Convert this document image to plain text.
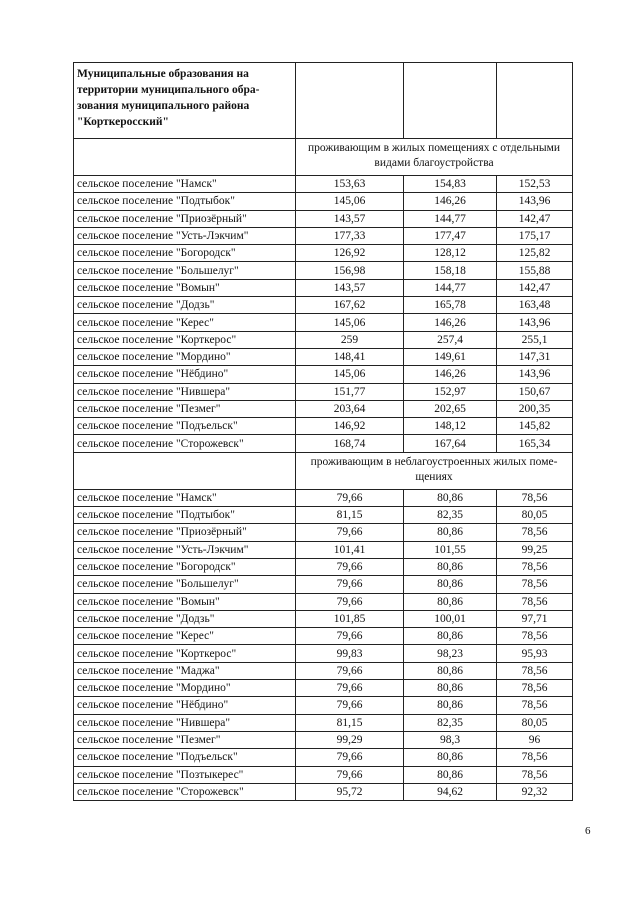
Муниципальные образования на территории муниципального обра-зования муниципального района "Корткеросский"			
	проживающим в жилых помещениях с отдельными видами благоустройства		
сельское поселение "Намск"	153,63	154,83	152,53
сельское поселение "Подтыбок"	145,06	146,26	143,96
сельское поселение "Приозёрный"	143,57	144,77	142,47
сельское поселение "Усть-Лэкчим"	177,33	177,47	175,17
сельское поселение "Богородск"	126,92	128,12	125,82
сельское поселение "Большелуг"	156,98	158,18	155,88
сельское поселение "Вомын"	143,57	144,77	142,47
сельское поселение "Додзь"	167,62	165,78	163,48
сельское поселение "Керес"	145,06	146,26	143,96
сельское поселение "Корткерос"	259	257,4	255,1
сельское поселение "Мордино"	148,41	149,61	147,31
сельское поселение "Нёбдино"	145,06	146,26	143,96
сельское поселение "Нившера"	151,77	152,97	150,67
сельское поселение "Пезмег"	203,64	202,65	200,35
сельское поселение "Подъельск"	146,92	148,12	145,82
сельское поселение "Сторожевск"	168,74	167,64	165,34
	проживающим в неблагоустроенных жилых поме-щениях		
сельское поселение "Намск"	79,66	80,86	78,56
сельское поселение "Подтыбок"	81,15	82,35	80,05
сельское поселение "Приозёрный"	79,66	80,86	78,56
сельское поселение "Усть-Лэкчим"	101,41	101,55	99,25
сельское поселение "Богородск"	79,66	80,86	78,56
сельское поселение "Большелуг"	79,66	80,86	78,56
сельское поселение "Вомын"	79,66	80,86	78,56
сельское поселение "Додзь"	101,85	100,01	97,71
сельское поселение "Керес"	79,66	80,86	78,56
сельское поселение "Корткерос"	99,83	98,23	95,93
сельское поселение "Маджа"	79,66	80,86	78,56
сельское поселение "Мордино"	79,66	80,86	78,56
сельское поселение "Нёбдино"	79,66	80,86	78,56
сельское поселение "Нившера"	81,15	82,35	80,05
сельское поселение "Пезмег"	99,29	98,3	96
сельское поселение "Подъельск"	79,66	80,86	78,56
сельское поселение "Позтыкерес"	79,66	80,86	78,56
сельское поселение "Сторожевск"	95,72	94,62	92,32
6
